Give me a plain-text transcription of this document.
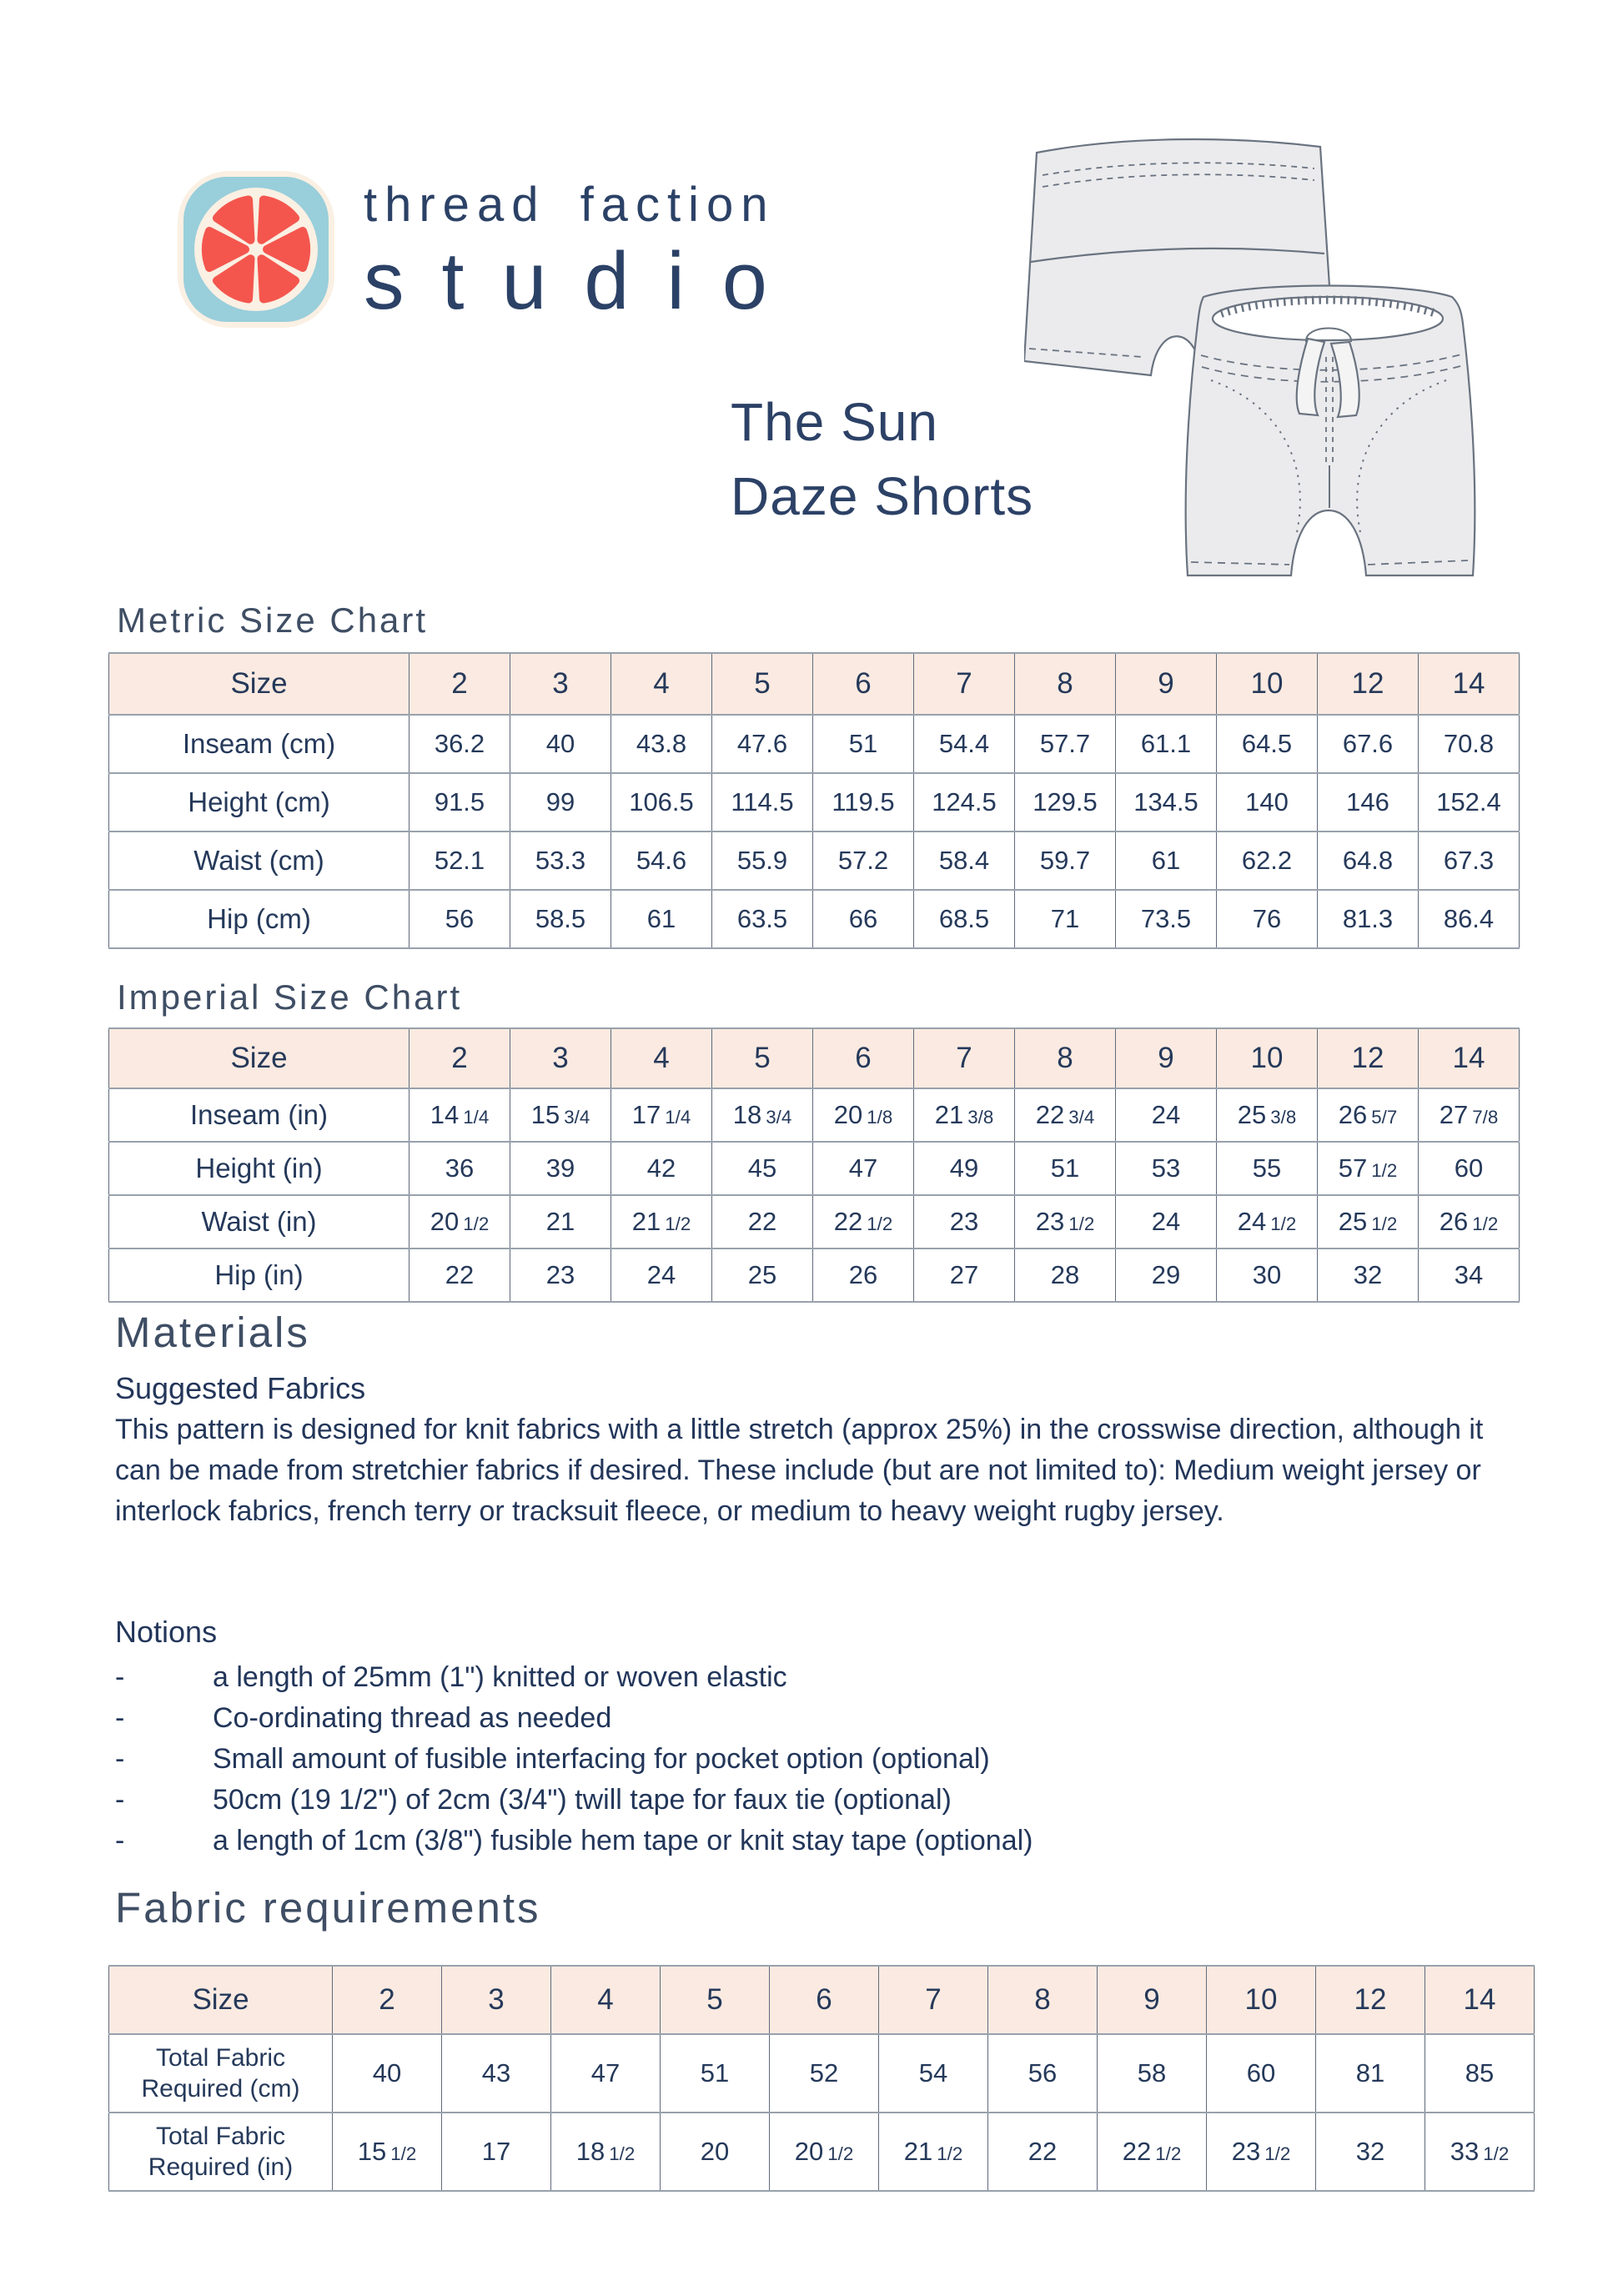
thread faction
studio
The Sun
Daze Shorts
Metric Size Chart
Size	2	3	4	5	6	7	8	9	10	12	14
Inseam (cm)	36.2	40	43.8	47.6	51	54.4	57.7	61.1	64.5	67.6	70.8
Height (cm)	91.5	99	106.5	114.5	119.5	124.5	129.5	134.5	140	146	152.4
Waist (cm)	52.1	53.3	54.6	55.9	57.2	58.4	59.7	61	62.2	64.8	67.3
Hip (cm)	56	58.5	61	63.5	66	68.5	71	73.5	76	81.3	86.4
Imperial Size Chart
Size	2	3	4	5	6	7	8	9	10	12	14
Inseam (in)	14 1/4	15 3/4	17 1/4	18 3/4	20 1/8	21 3/8	22 3/4	24	25 3/8	26 5/7	27 7/8
Height (in)	36	39	42	45	47	49	51	53	55	57 1/2	60
Waist (in)	20 1/2	21	21 1/2	22	22 1/2	23	23 1/2	24	24 1/2	25 1/2	26 1/2
Hip (in)	22	23	24	25	26	27	28	29	30	32	34
Materials
Suggested Fabrics
This pattern is designed for knit fabrics with a little stretch (approx 25%) in the crosswise direction, although it can be made from stretchier fabrics if desired. These include (but are not limited to): Medium weight jersey or interlock fabrics, french terry or tracksuit fleece, or medium to heavy weight rugby jersey.
Notions
-	a length of 25mm (1") knitted or woven elastic
-	Co-ordinating thread as needed
-	Small amount of fusible interfacing for pocket option (optional)
-	50cm (19 1/2") of 2cm (3/4") twill tape for faux tie (optional)
-	a length of 1cm (3/8") fusible hem tape or knit stay tape (optional)
Fabric requirements
Size	2	3	4	5	6	7	8	9	10	12	14
Total Fabric Required (cm)	40	43	47	51	52	54	56	58	60	81	85
Total Fabric Required (in)	15 1/2	17	18 1/2	20	20 1/2	21 1/2	22	22 1/2	23 1/2	32	33 1/2
